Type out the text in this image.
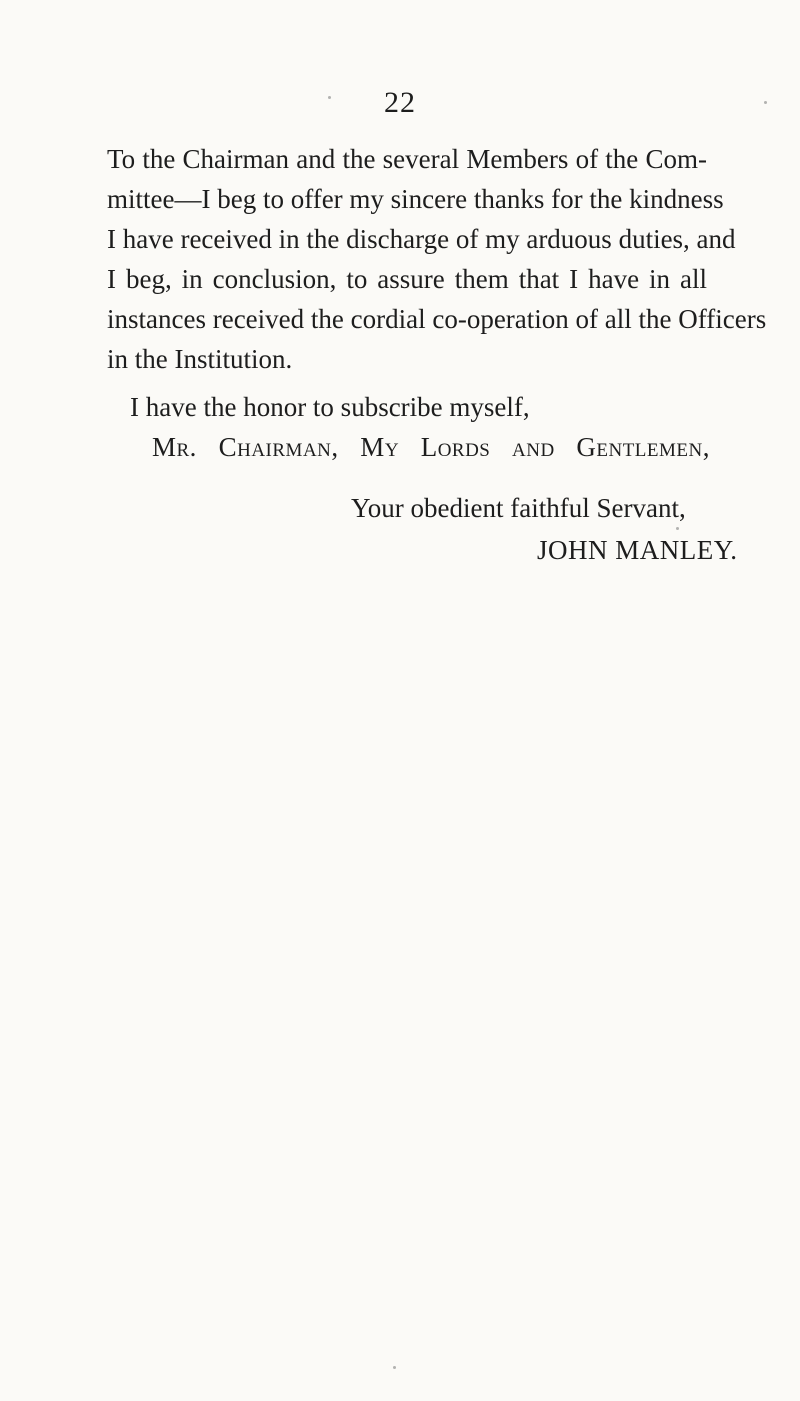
22
To the Chairman and the several Members of the Com-
mittee—I beg to offer my sincere thanks for the kindness
I have received in the discharge of my arduous duties, and
I beg, in conclusion, to assure them that I have in all
instances received the cordial co-operation of all the Officers
in the Institution.
I have the honor to subscribe myself,
Mr. Chairman, My Lords and Gentlemen,
Your obedient faithful Servant,
JOHN MANLEY.
